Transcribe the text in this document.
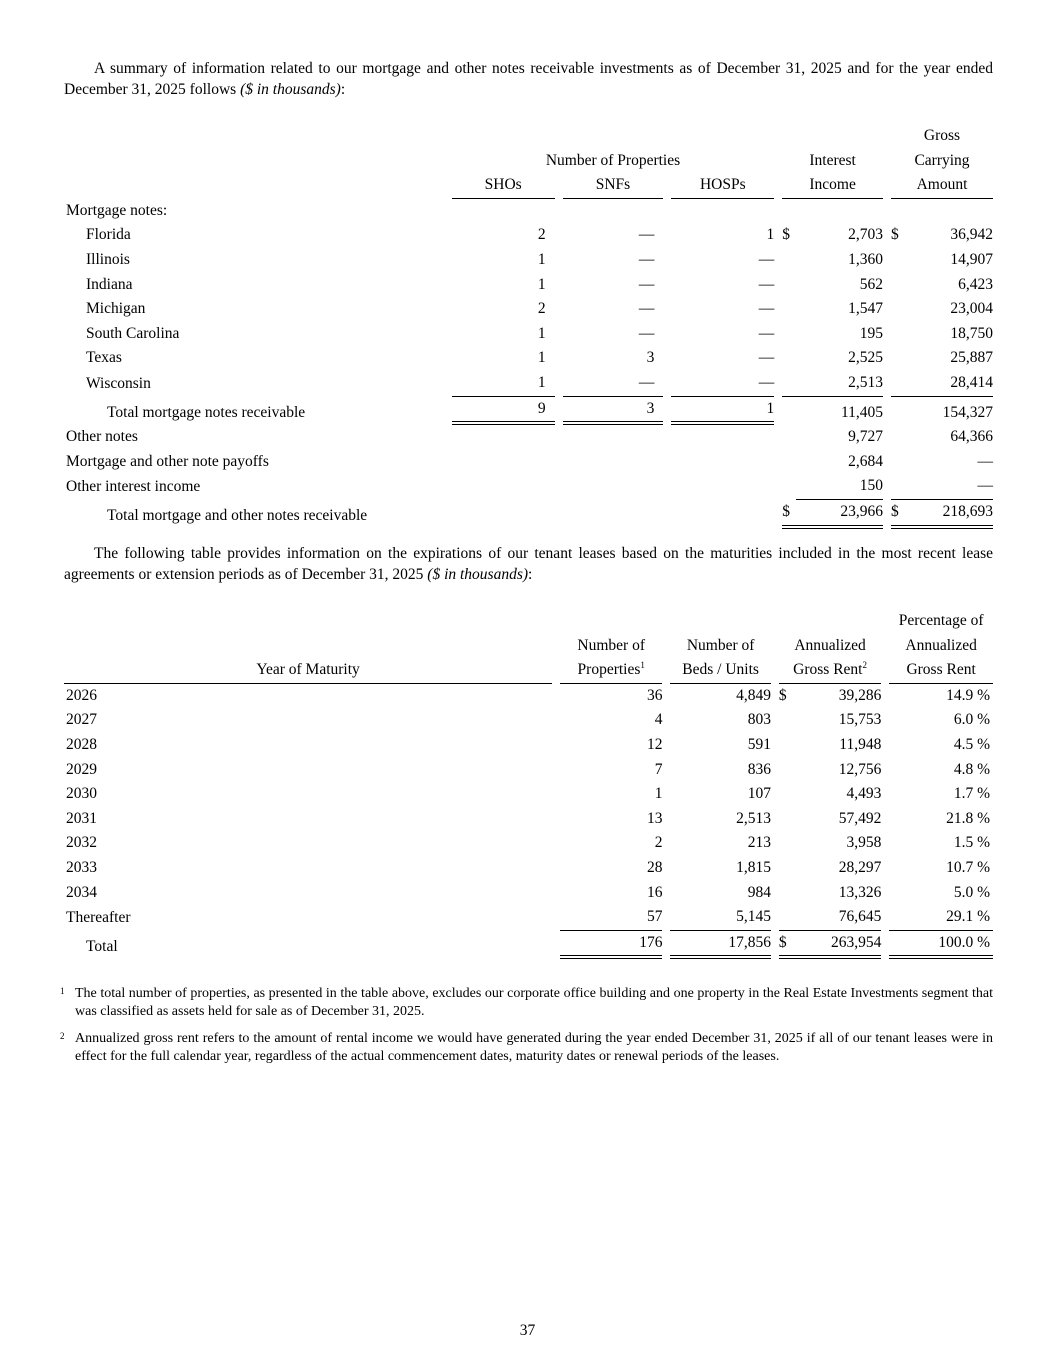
A summary of information related to our mortgage and other notes receivable investments as of December 31, 2025 and for the year ended December 31, 2025 follows ($ in thousands):
										Gross	
	Number of Properties						Interest			Carrying	
	SHOs		SNFs		HOSPs		Income			Amount	
Mortgage notes:											
Florida	2		—		1		$	2,703		$	36,942
Illinois	1		—		—			1,360			14,907
Indiana	1		—		—			562			6,423
Michigan	2		—		—			1,547			23,004
South Carolina	1		—		—			195			18,750
Texas	1		3		—			2,525			25,887
Wisconsin	1		—		—			2,513			28,414
Total mortgage notes receivable	9		3		1			11,405			154,327
Other notes								9,727			64,366
Mortgage and other note payoffs								2,684			—
Other interest income								150			—
Total mortgage and other notes receivable							$	23,966		$	218,693
The following table provides information on the expirations of our tenant leases based on the maturities included in the most recent lease agreements or extension periods as of December 31, 2025 ($ in thousands):
									Percentage of
		Number of		Number of		Annualized			Annualized
Year of Maturity		Properties$^1$		Beds / Units		Gross Rent$^2$			Gross Rent
2026		36		4,849		$	39,286		14.9 %
2027		4		803			15,753		6.0 %
2028		12		591			11,948		4.5 %
2029		7		836			12,756		4.8 %
2030		1		107			4,493		1.7 %
2031		13		2,513			57,492		21.8 %
2032		2		213			3,958		1.5 %
2033		28		1,815			28,297		10.7 %
2034		16		984			13,326		5.0 %
Thereafter		57		5,145			76,645		29.1 %
Total		176		17,856		$	263,954		100.0 %
1 The total number of properties, as presented in the table above, excludes our corporate office building and one property in the Real Estate Investments segment that was classified as assets held for sale as of December 31, 2025.
2 Annualized gross rent refers to the amount of rental income we would have generated during the year ended December 31, 2025 if all of our tenant leases were in effect for the full calendar year, regardless of the actual commencement dates, maturity dates or renewal periods of the leases.
37
